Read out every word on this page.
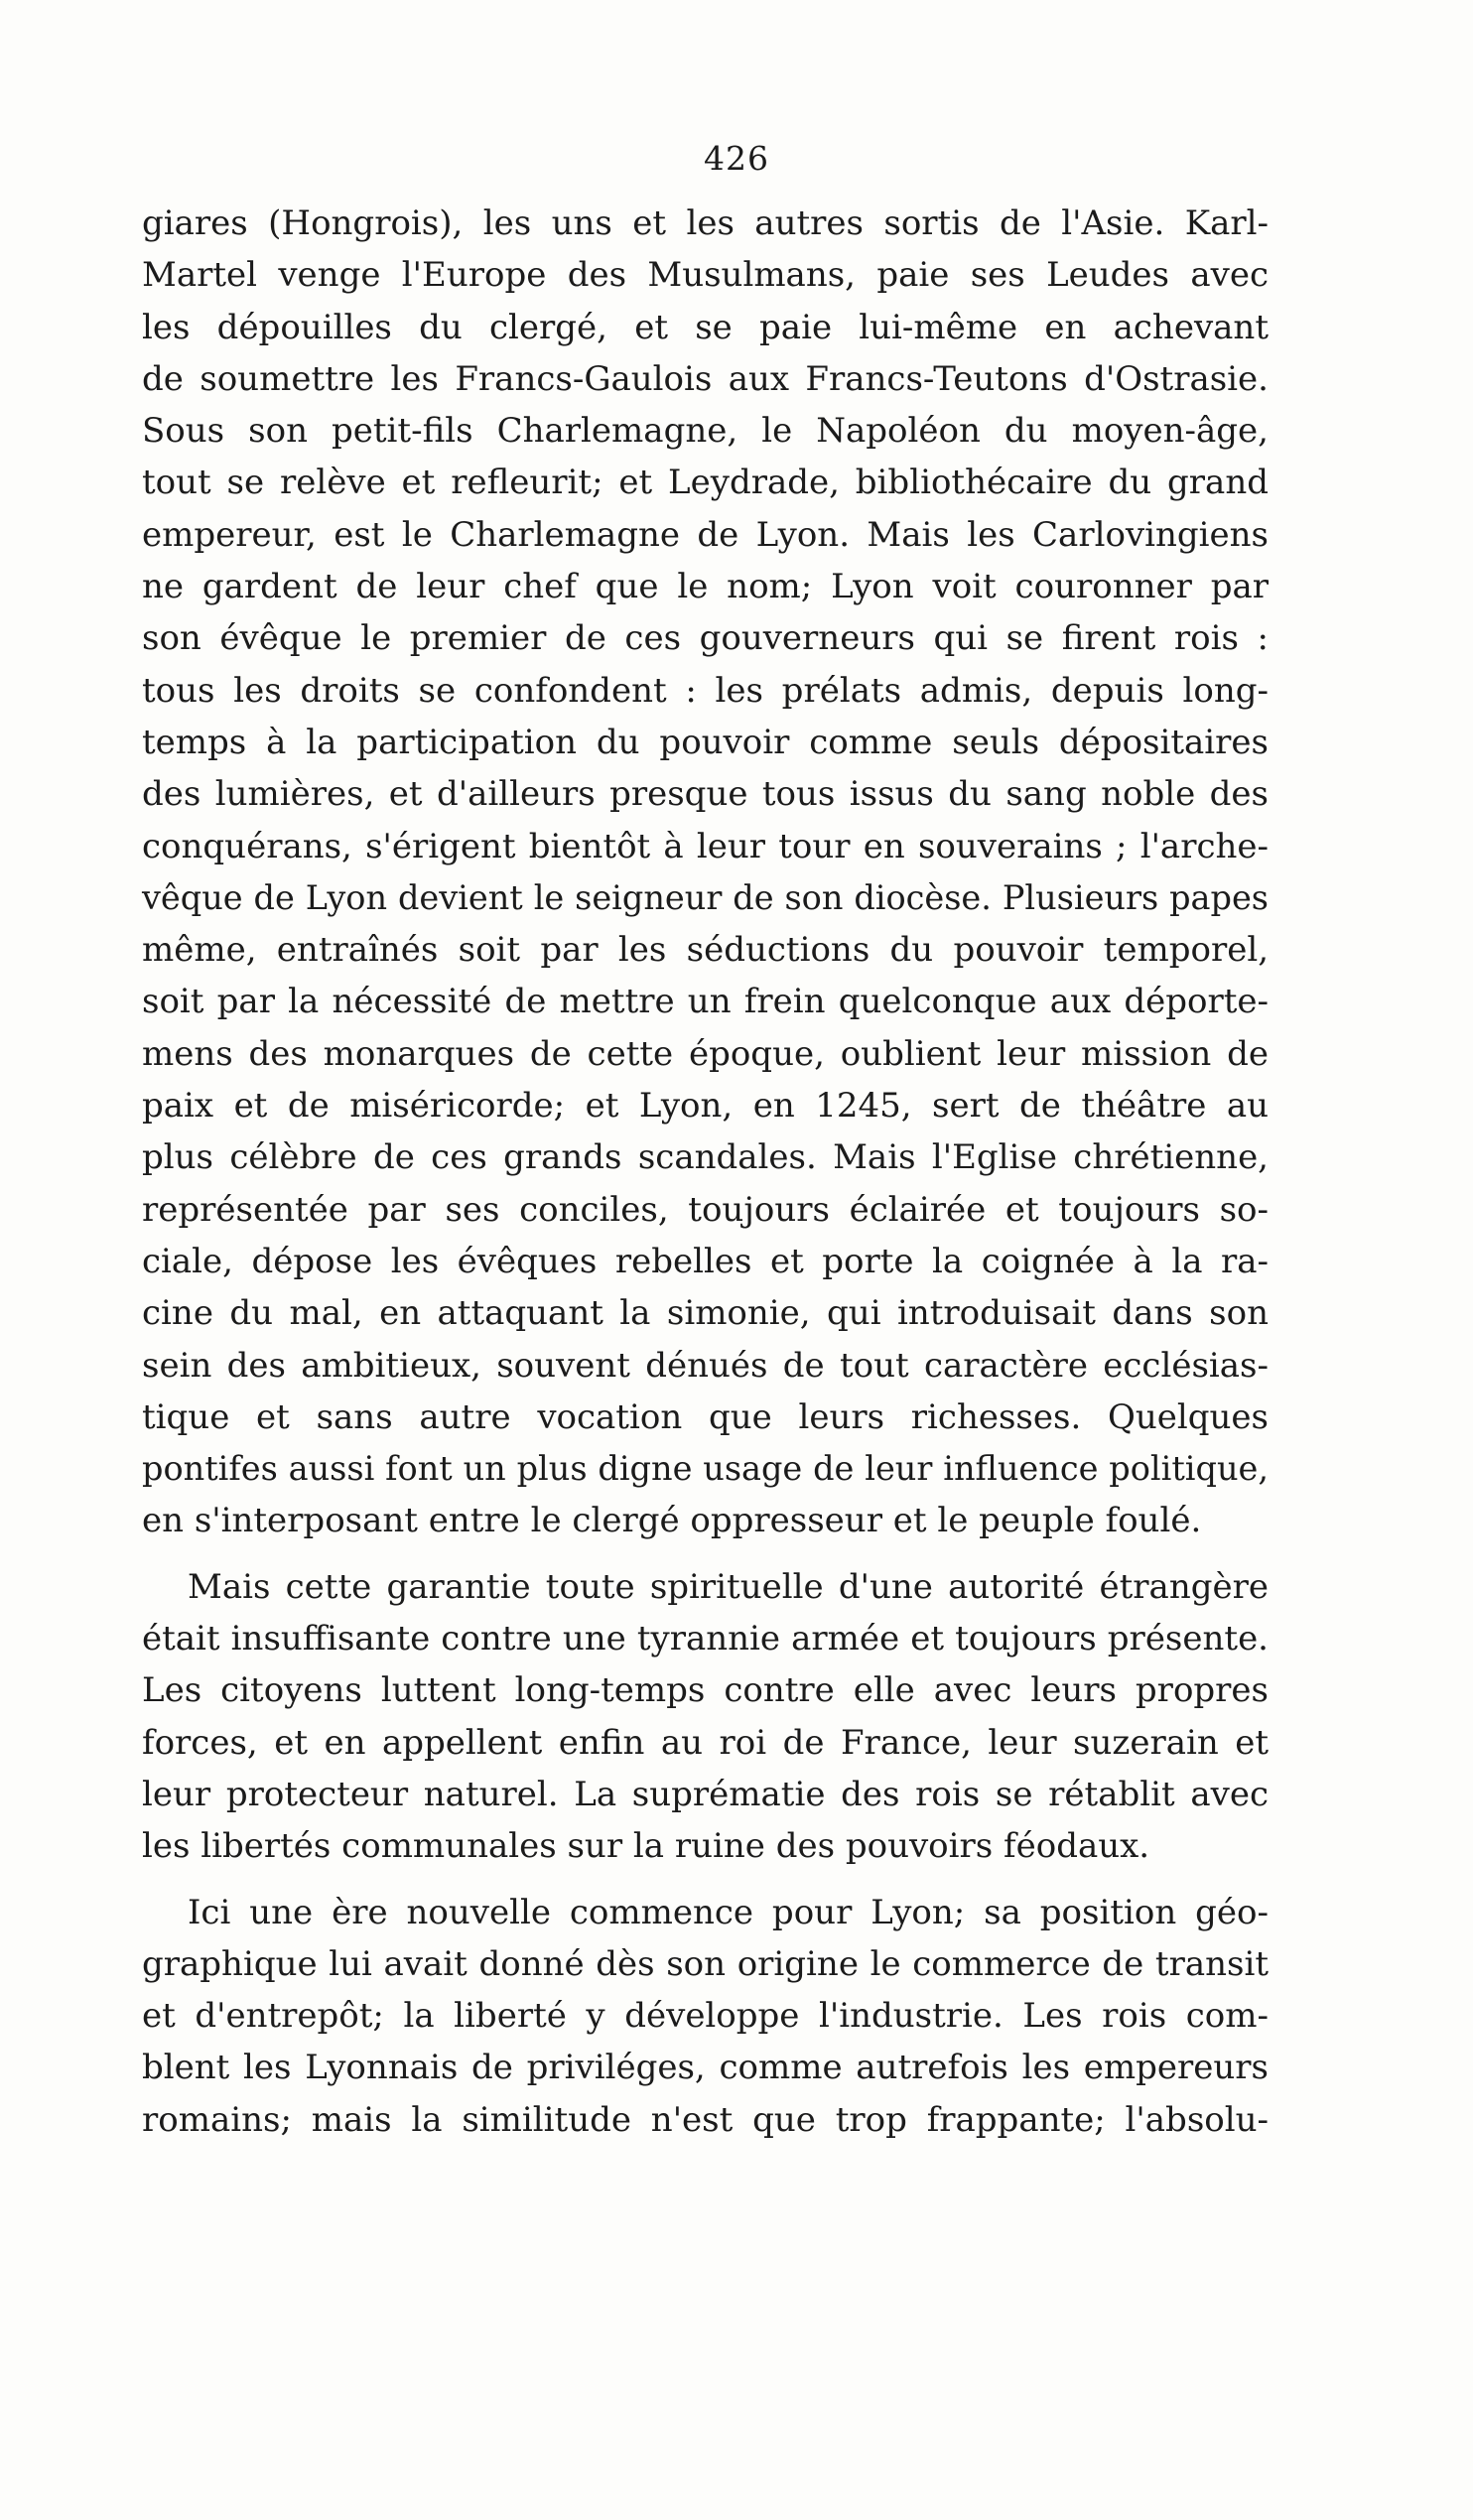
426
giares (Hongrois), les uns et les autres sortis de l'Asie. Karl-
Martel venge l'Europe des Musulmans, paie ses Leudes avec
les dépouilles du clergé, et se paie lui-même en achevant
de soumettre les Francs-Gaulois aux Francs-Teutons d'Ostrasie.
Sous son petit-fils Charlemagne, le Napoléon du moyen-âge,
tout se relève et refleurit; et Leydrade, bibliothécaire du grand
empereur, est le Charlemagne de Lyon. Mais les Carlovingiens
ne gardent de leur chef que le nom; Lyon voit couronner par
son évêque le premier de ces gouverneurs qui se firent rois :
tous les droits se confondent : les prélats admis, depuis long-
temps à la participation du pouvoir comme seuls dépositaires
des lumières, et d'ailleurs presque tous issus du sang noble des
conquérans, s'érigent bientôt à leur tour en souverains ; l'arche-
vêque de Lyon devient le seigneur de son diocèse. Plusieurs papes
même, entraînés soit par les séductions du pouvoir temporel,
soit par la nécessité de mettre un frein quelconque aux déporte-
mens des monarques de cette époque, oublient leur mission de
paix et de miséricorde; et Lyon, en 1245, sert de théâtre au
plus célèbre de ces grands scandales. Mais l'Eglise chrétienne,
représentée par ses conciles, toujours éclairée et toujours so-
ciale, dépose les évêques rebelles et porte la coignée à la ra-
cine du mal, en attaquant la simonie, qui introduisait dans son
sein des ambitieux, souvent dénués de tout caractère ecclésias-
tique et sans autre vocation que leurs richesses. Quelques
pontifes aussi font un plus digne usage de leur influence politique,
en s'interposant entre le clergé oppresseur et le peuple foulé.
Mais cette garantie toute spirituelle d'une autorité étrangère
était insuffisante contre une tyrannie armée et toujours présente.
Les citoyens luttent long-temps contre elle avec leurs propres
forces, et en appellent enfin au roi de France, leur suzerain et
leur protecteur naturel. La suprématie des rois se rétablit avec
les libertés communales sur la ruine des pouvoirs féodaux.
Ici une ère nouvelle commence pour Lyon; sa position géo-
graphique lui avait donné dès son origine le commerce de transit
et d'entrepôt; la liberté y développe l'industrie. Les rois com-
blent les Lyonnais de priviléges, comme autrefois les empereurs
romains; mais la similitude n'est que trop frappante; l'absolu-
